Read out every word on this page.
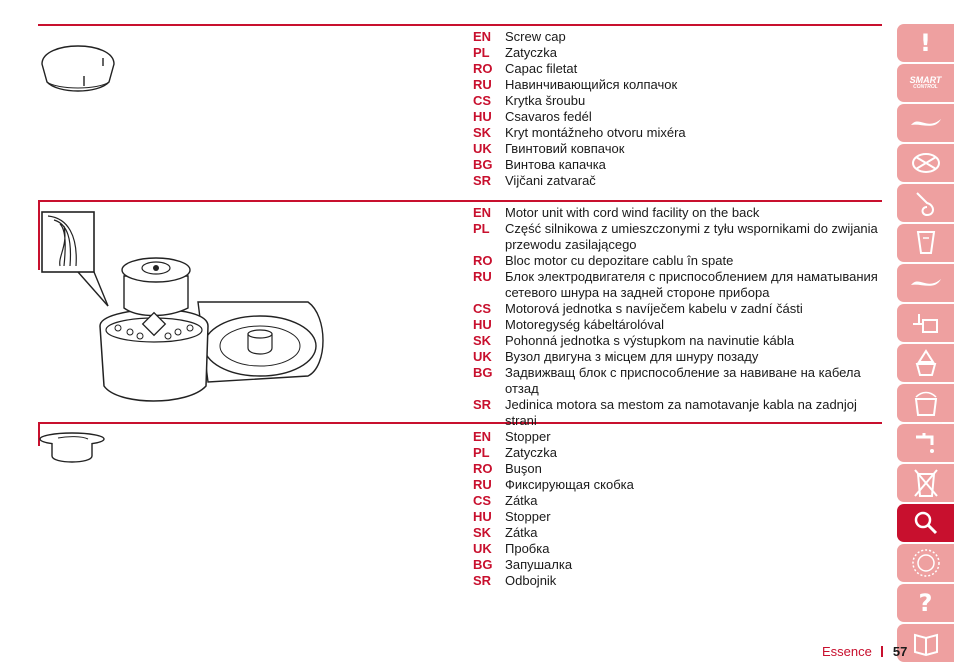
EN	Screw cap
PL	Zatyczka
RO Capac filetat
RU	Навинчивающийся колпачок
CS	Krytka šroubu
HU	Csavaros fedél
SK	Kryt montážneho otvoru mixéra
UK	Гвинтовий ковпачок
BG Винтова капачка
SR	Vijčani zatvarač
EN	Motor unit with cord wind facility on the back
PL	Część silnikowa z umieszczonymi z tyłu wspornikami do zwijania przewodu zasilającego
RO Bloc motor cu depozitare cablu în spate
RU	Блок электродвигателя с приспособлением для наматывания сетевого шнура на задней стороне прибора
CS	Motorová jednotka s navíječem kabelu v zadní části
HU	Motoregység kábeltárolóval
SK	Pohonná jednotka s výstupkom na navinutie kábla
UK	Вузол двигуна з місцем для шнуру позаду
BG Задвижващ блок с приспособление за навиване на кабела отзад
SR	Jedinica motora sa mestom za namotavanje kabla na zadnjoj strani
EN	Stopper
PL	Zatyczka
RO Buşon
RU	Фиксирующая скобка
CS	Zátka
HU	Stopper
SK	Zátka
UK	Пробка
BG Запушалка
SR	Odbojnik
!
SMART
CONTROL
?
Essence 57
